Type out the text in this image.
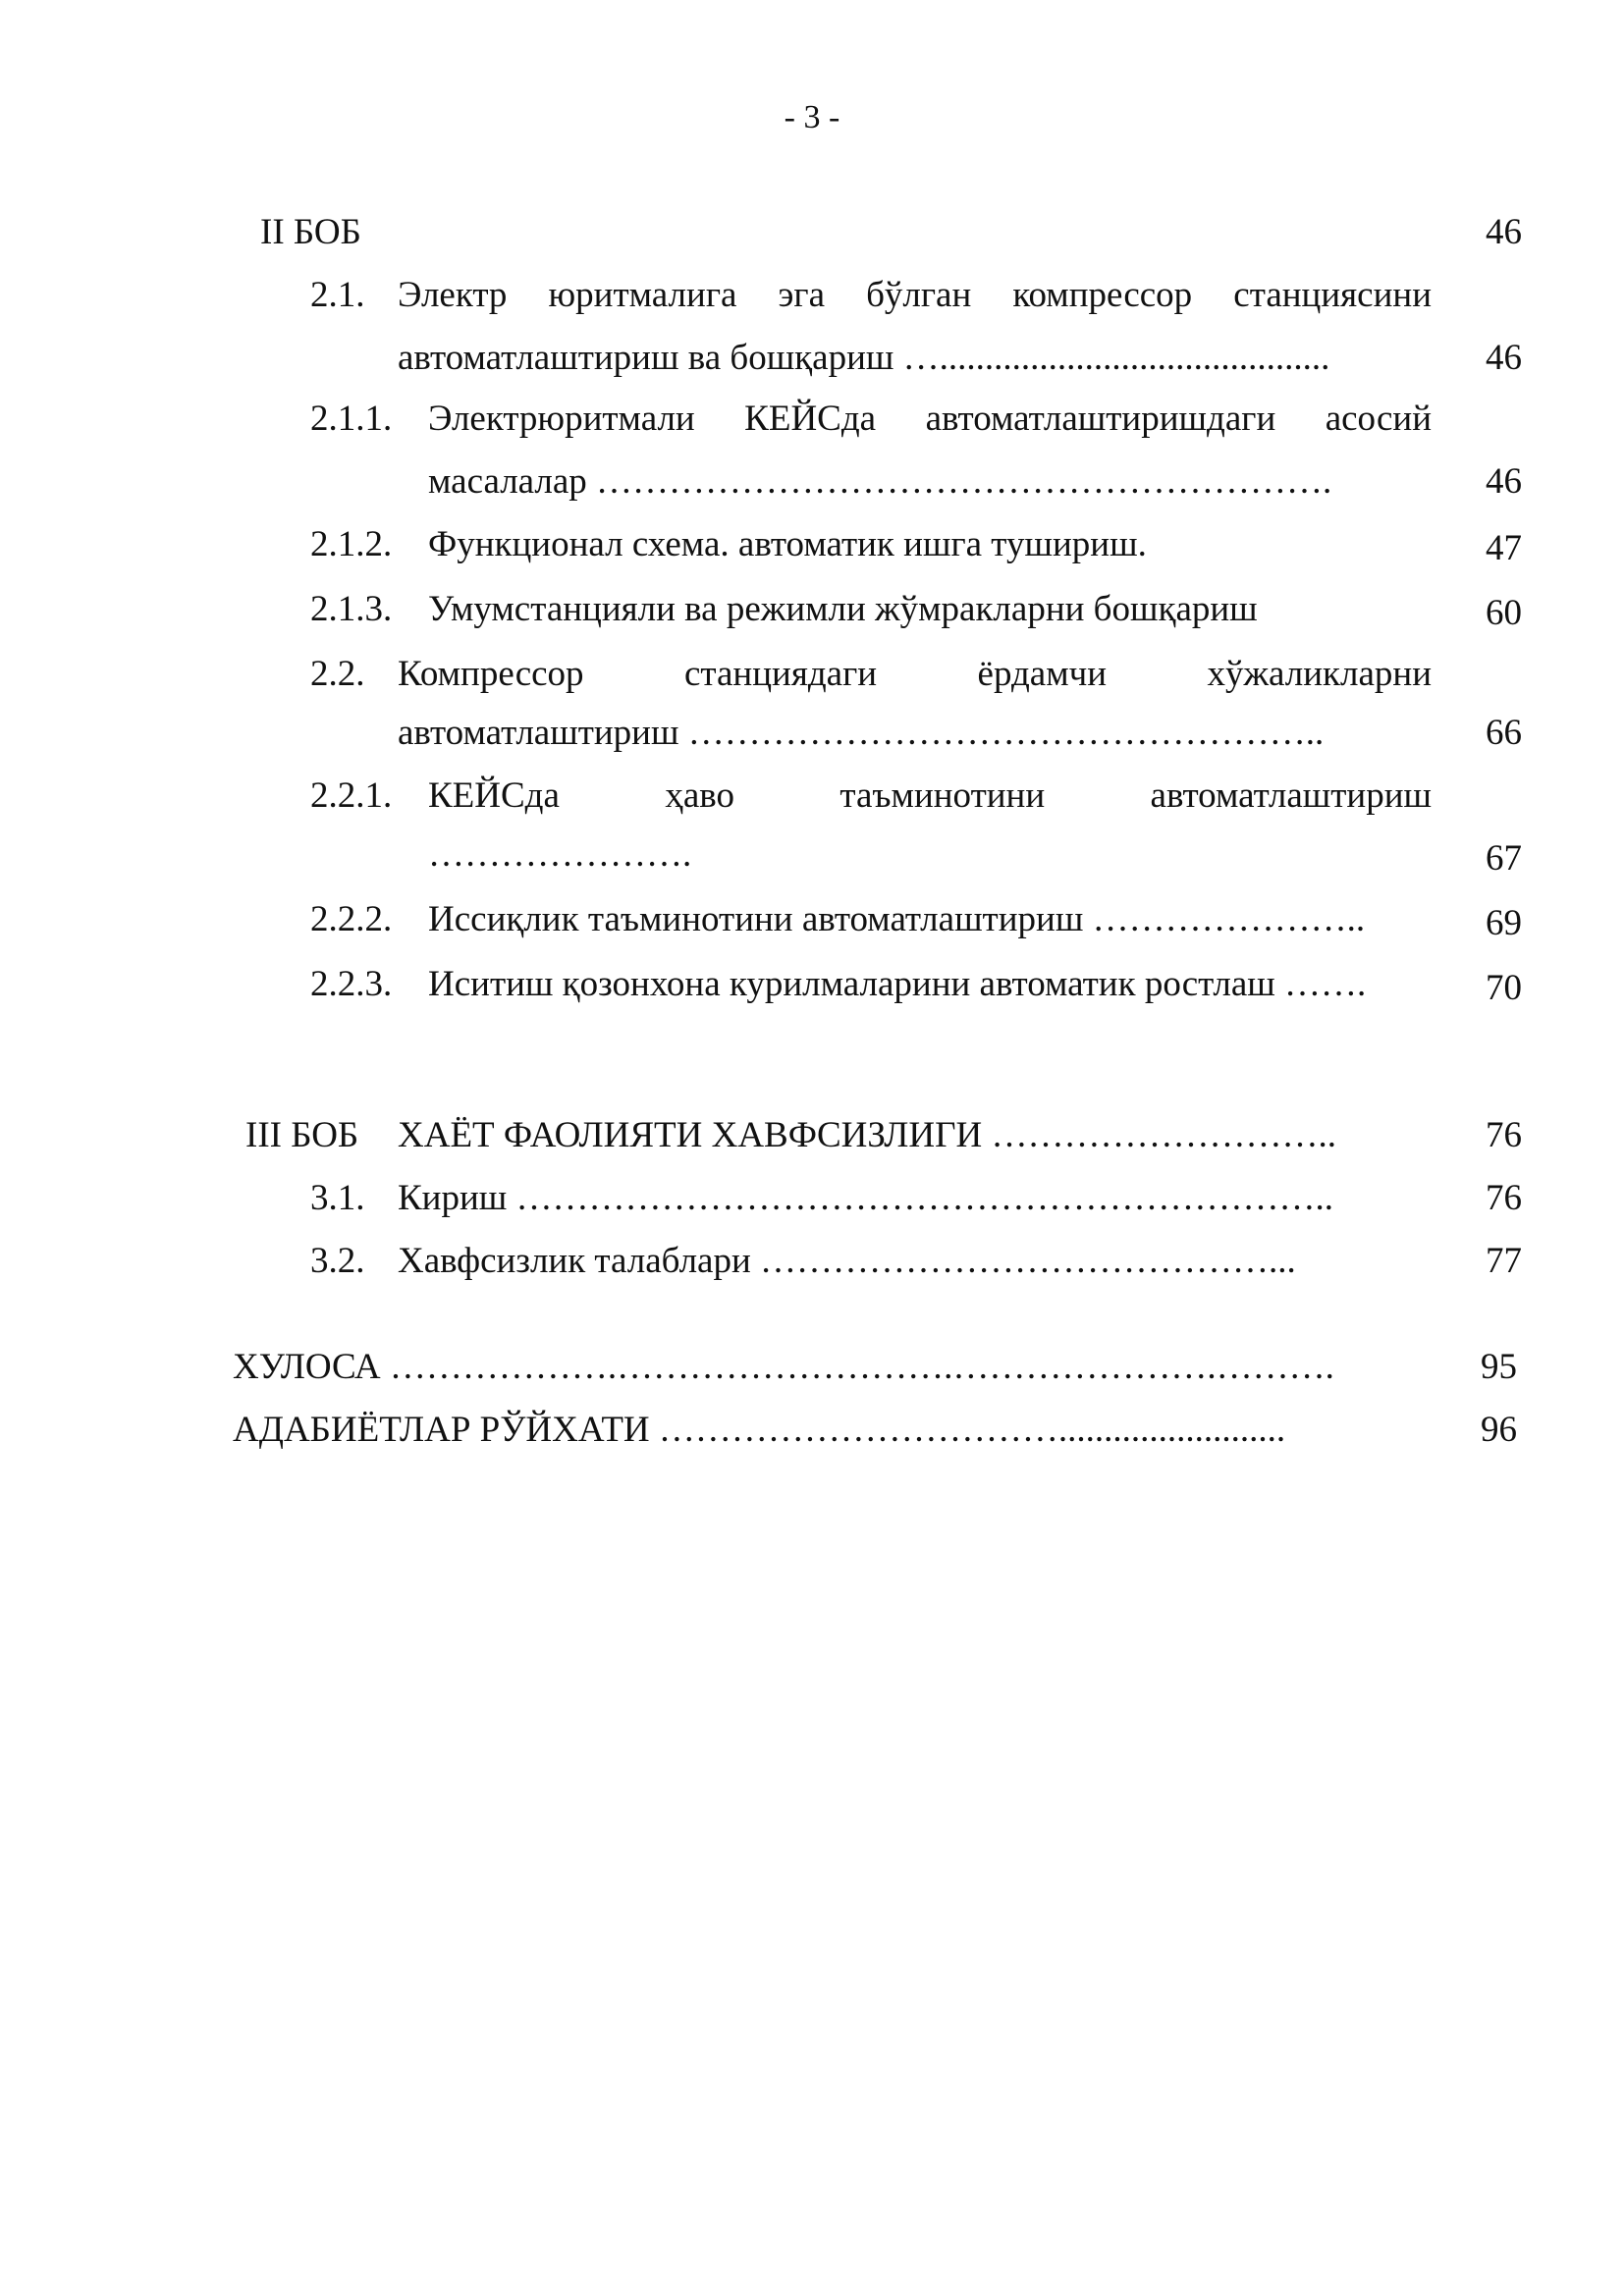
- 3 -
II БОБ	46
2.1. Электр юритмалига эга бўлган компрессор станциясини
автоматлаштириш ва бошқариш …...........................................	46
2.1.1. Электрюритмали КЕЙСда автоматлаштиришдаги асосий
масалалар …………………………………………………….	46
2.1.2. Функционал схема. автоматик ишга тушириш.	47
2.1.3. Умумстанцияли ва режимли жўмракларни бошқариш	60
2.2. Компрессор	станциядаги	ёрдамчи	хўжаликларни
автоматлаштириш ……………………………………………..	66
2.2.1. КЕЙСда	ҳаво	таъминотини	автоматлаштириш
………………….	67
2.2.2. Иссиқлик таъминотини автоматлаштириш …………………..	69
2.2.3. Иситиш қозонхона курилмаларини автоматик ростлаш …….	70
III БОБ ХАЁТ ФАОЛИЯТИ ХАВФСИЗЛИГИ ………………………..	76
3.1. Кириш …………………………………………………………..	76
3.2. Хавфсизлик талаблари ……………………………………...	77
ХУЛОСА ……………….……………………….………………….……….	95
АДАБИЁТЛАР РЎЙХАТИ …………………………….........................	96
